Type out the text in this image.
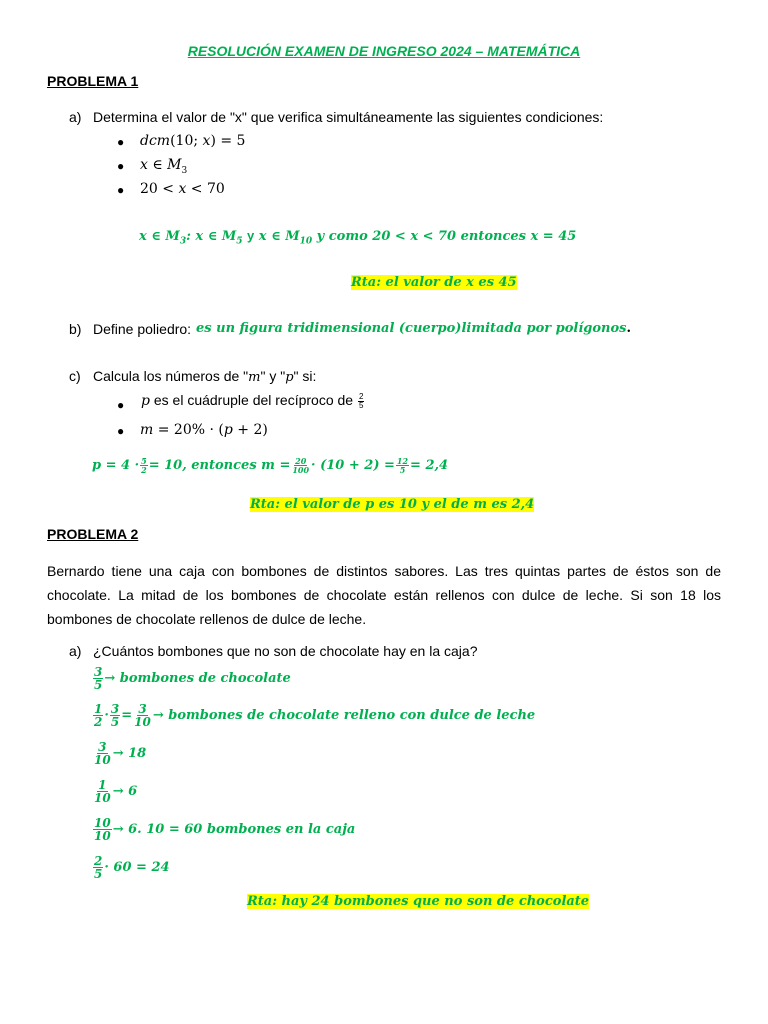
RESOLUCIÓN EXAMEN DE INGRESO 2024 – MATEMÁTICA
PROBLEMA 1
a) Determina el valor de "x" que verifica simultáneamente las siguientes condiciones:
● dcm(10; x) = 5
● x ∈ $M_3$
● 20 < x < 70
x ∈ $M_3$: x ∈ $M_5$ y x ∈ $M_{10}$ y como 20 < x < 70 entonces x = 45
Rta: el valor de x es 45
b) Define poliedro: es un figura tridimensional (cuerpo)limitada por polígonos.
c) Calcula los números de "m" y "p" si:
● p es el cuádruple del recíproco de $\frac{2}{5}$
● m = 20% · (p + 2)
$p = 4 \cdot \frac{5}{2} = 10$, entonces $m = \frac{20}{100} \cdot (10 + 2) = \frac{12}{5} = 2,4$
Rta: el valor de p es 10 y el de m es 2,4
PROBLEMA 2
Bernardo tiene una caja con bombones de distintos sabores. Las tres quintas partes de éstos son de
chocolate. La mitad de los bombones de chocolate están rellenos con dulce de leche. Si son 18 los
bombones de chocolate rellenos de dulce de leche.
a) ¿Cuántos bombones que no son de chocolate hay en la caja?
$\frac{3}{5}$ → bombones de chocolate
$\frac{1}{2} \cdot \frac{3}{5} = \frac{3}{10}$ → bombones de chocolate relleno con dulce de leche
$\frac{3}{10} \to 18$
$\frac{1}{10} \to 6$
$\frac{10}{10} \to 6$. 10 = 60 bombones en la caja
$\frac{2}{5} \cdot 60 = 24$
Rta: hay 24 bombones que no son de chocolate
